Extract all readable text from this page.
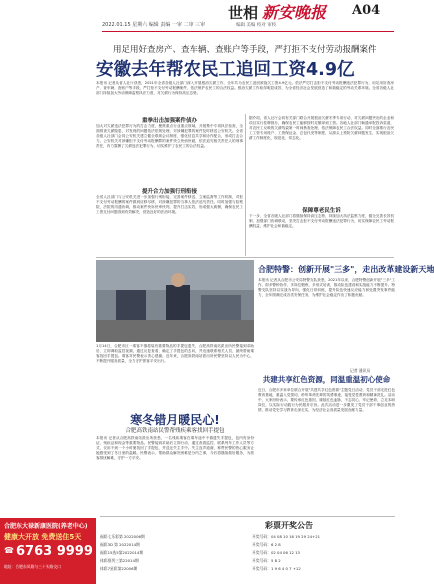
2022.01.15 星期六 编辑 责编 一审 二审 三审
世相 新安晚报 A04
编辑 美编 校对 审校
用足用好查房产、查车辆、查账户等手段，严打拒不支付劳动报酬案件
安徽去年帮农民工追回工资4.9亿
本报讯 记者从省人社厅获悉，2021年全省各级人社部门深入开展根治欠薪工作，全年共为农民工追回被拖欠工资4.9亿元。依法严厉打击拒不支付劳动报酬违法犯罪行为，用足用好查房产、查车辆、查账户等手段，严打拒不支付劳动报酬案件，依法保护农民工的合法权益。根治欠薪工作取得明显成效，为全省经济社会发展营造了和谐稳定的劳动关系环境。全省各级人社部门持续加大劳动保障监察执法力度，对欠薪行为保持高压态势。
重拳出击加强案件侦办
加大对欠薪违法犯罪行为的打击力度，聚焦重点行业重点领域，开展集中专项执法检查，全面排查欠薪隐患，对发现的问题依法依规处理，对涉嫌犯罪的案件及时移送公安机关。全省各级人社部门会同公安机关建立健全联席会议制度，强化信息共享和协作配合，形成打击合力。公安机关对涉嫌拒不支付劳动报酬罪的案件快立快侦快破，依法追究相关责任人的刑事责任，有力震慑了欠薪违法犯罪行为，切实维护了农民工的合法权益。
提升合力加强行刑衔接
全省人社部门与公安机关进一步加强行刑衔接，完善案件移送、立案监督等工作机制，对拒不支付劳动报酬的案件做到应移尽移，对涉嫌犯罪的当事人依法追究责任。同时加强与检察院、法院的沟通协调，推动案件快诉快审快判，提升打击实效，形成强大威慑，确保农民工工资支付问题得到有效解决，营造良好的法治环境。
据介绍，省人社厅会同有关部门联合开展根治欠薪冬季专项行动，对欠薪问题突出的企业和项目实行挂牌督办，确保农民工能够按时足额拿到工资。各地人社部门畅通举报投诉渠道，对农民工反映的欠薪线索第一时间核查处理，依法保障农民工合法权益。同时全面推行农民工工资专用账户、工资保证金、总包代发等制度，从源头上预防欠薪问题发生，实现根治欠薪工作制度化、规范化、常态化。
保障尊老民生诉
下一步，全省各级人社部门将继续保持高压态势，持续加大执法监察力度，健全完善长效机制，加强部门协调联动，坚决打击拒不支付劳动报酬违法犯罪行为，切实保障农民工劳动报酬权益，维护社会和谐稳定。
1月14日，合肥市区一乘客不慎将装有重要物品的手提包遗失，合肥高铁南站派出所民警接到求助后，立即调取监控视频，通过反复查看，确定了手提包的去向，并迅速联系相关人员，最终帮助乘客找回手提包。乘客对民警表示衷心感谢。近年来，合肥高铁南站派出所民警坚持以人民为中心，不断提升服务质量，全力守护旅客平安出行。
寒冬错月暖民心!
合肥高铁南站民警帮残疾乘客找回手提包
本报讯 记者从合肥高铁南站派出所获悉，一名残疾乘客在乘车途中不慎遗失手提包，包内有身份证、残疾证和现金等重要物品。民警接到求助后立即行动，通过查看监控、联系列车工作人员等方式，仅用不到一个小时便找回了手提包，并送还失主手中。失主连声道谢，称赞民警的热心服务让她感受到了冬日里的温暖。民警表示，帮助群众解决困难是分内之事，今后将继续做好服务，为旅客排忧解难，守护一方平安。
合肥特警：创新开展"三多"，走出改革建设新天地
本报讯 记者从合肥市公安局特警支队获悉，2021年以来，合肥特警创新开展"三多"工作，即多警种协作、多岗位锻炼、多形式培训，推动队伍建设和实战能力不断提升。特警支队坚持以实战为导向，强化日常训练，提升队伍快速反应能力和处置突发事件能力，全年圆满完成各类安保任务，为维护社会稳定作出了积极贡献。
记者 通讯员
共建共享红色资源，同温重温初心使命
近日，合肥市多家单位联合开展"共建共享红色资源"主题党日活动，党员干部走进红色教育基地，重温入党誓词，聆听革命先辈的英勇事迹，接受党性教育和精神洗礼。活动中，大家纷纷表示，要传承红色基因，赓续红色血脉，不忘初心、牢记使命，立足本职岗位，以实际行动践行为民服务宗旨。此次活动进一步激发了党员干部干事创业的热情，推动党史学习教育走深走实，为经济社会高质量发展贡献力量。
合肥东大禄新康医院(养老中心)
健康大开放 免费送住5天
☎ 6763 9999
地址：合肥东风路与三十头路交口
彩票开奖公告
福彩七乐彩第 2022006期
福彩3D 第 2022014期
福彩15选5第2022014期
体彩排列三第22014期
体彩7星彩第22006期
开奖号码：04 08 10 16 19 29 24+21
开奖号码：6 2 8
开奖号码：02 04 06 12 13
开奖号码：5 8 2
开奖号码：1 9 6 4 0 7 +12
